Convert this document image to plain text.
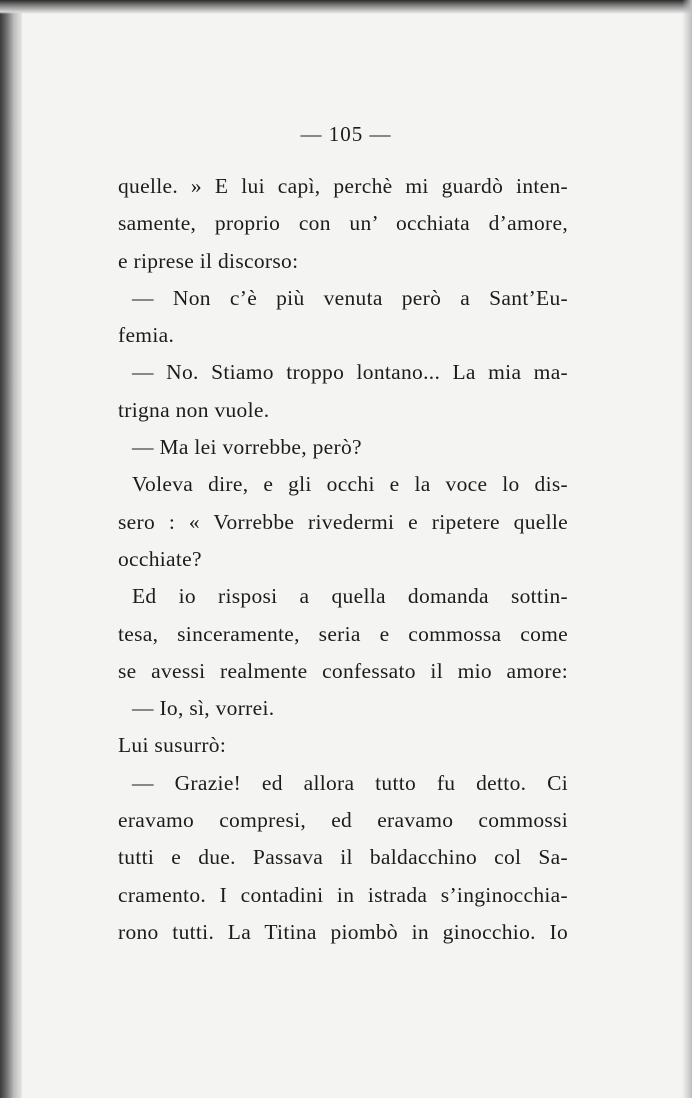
— 105 —
quelle. » E lui capì, perchè mi guardò inten-
samente, proprio con un’ occhiata d’amore,
e riprese il discorso:
— Non c’è più venuta però a Sant’Eu-
femia.
— No. Stiamo troppo lontano... La mia ma-
trigna non vuole.
— Ma lei vorrebbe, però?
Voleva dire, e gli occhi e la voce lo dis-
sero : « Vorrebbe rivedermi e ripetere quelle
occhiate?
Ed io risposi a quella domanda sottin-
tesa, sinceramente, seria e commossa come
se avessi realmente confessato il mio amore:
— Io, sì, vorrei.
Lui susurrò:
— Grazie! ed allora tutto fu detto. Ci
eravamo compresi, ed eravamo commossi
tutti e due. Passava il baldacchino col Sa-
cramento. I contadini in istrada s’inginocchia-
rono tutti. La Titina piombò in ginocchio. Io
